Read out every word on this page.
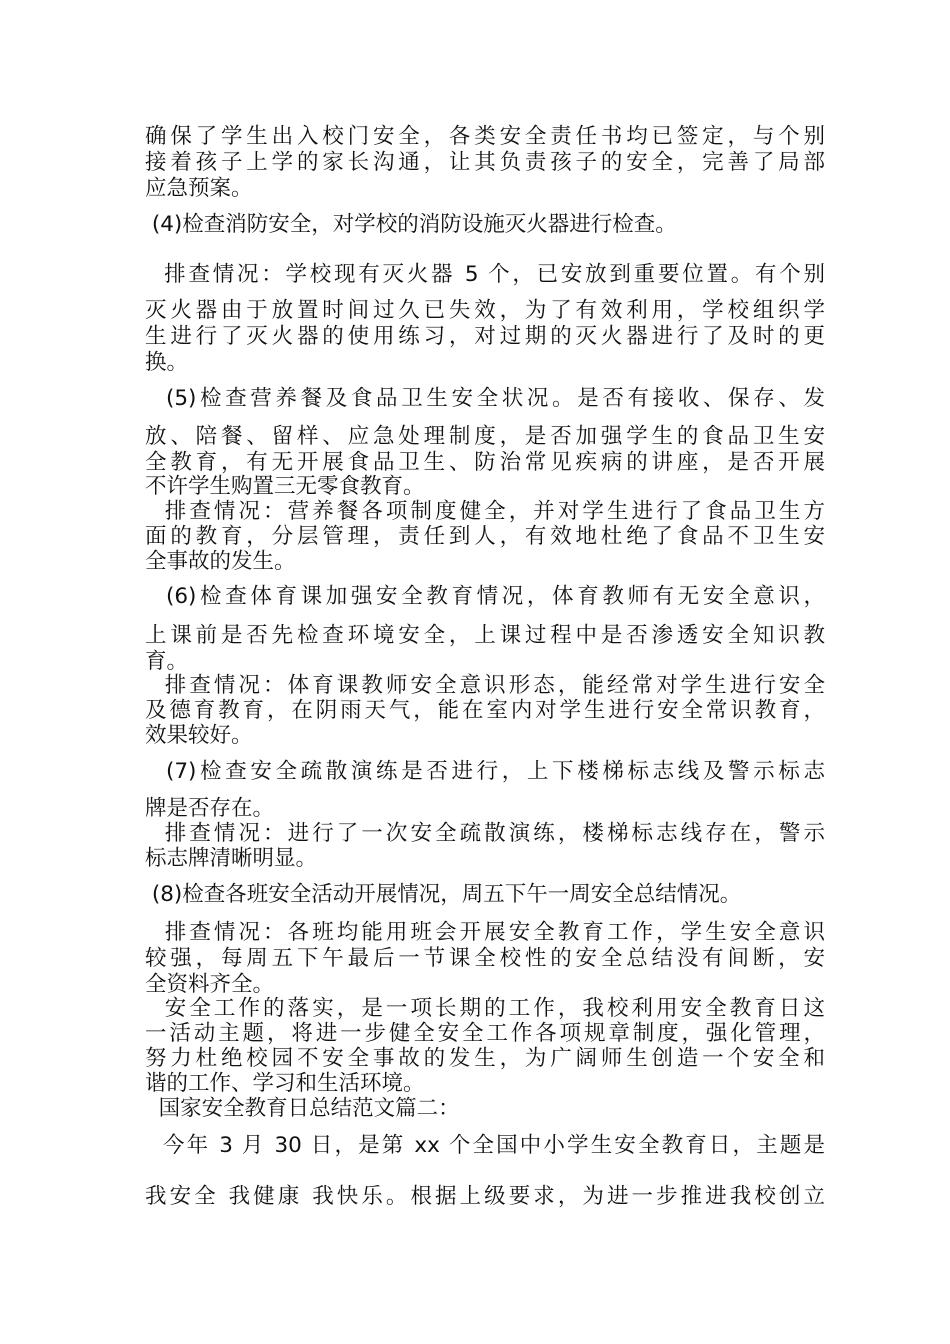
确保了学生出入校门安全，各类安全责任书均已签定，与个别

接着孩子上学的家长沟通，让其负责孩子的安全，完善了局部

应急预案。

(4)检查消防安全，对学校的消防设施灭火器进行检查。

排查情况：学校现有灭火器 5 个，已安放到重要位置。有个别

灭火器由于放置时间过久已失效，为了有效利用，学校组织学

生进行了灭火器的使用练习，对过期的灭火器进行了及时的更

换。

(5)检查营养餐及食品卫生安全状况。是否有接收、保存、发

放、陪餐、留样、应急处理制度，是否加强学生的食品卫生安

全教育，有无开展食品卫生、防治常见疾病的讲座，是否开展

不许学生购置三无零食教育。

排查情况：营养餐各项制度健全，并对学生进行了食品卫生方

面的教育，分层管理，责任到人，有效地杜绝了食品不卫生安

全事故的发生。

(6)检查体育课加强安全教育情况，体育教师有无安全意识，

上课前是否先检查环境安全，上课过程中是否渗透安全知识教

育。

排查情况：体育课教师安全意识形态，能经常对学生进行安全

及德育教育，在阴雨天气，能在室内对学生进行安全常识教育，

效果较好。

(7)检查安全疏散演练是否进行，上下楼梯标志线及警示标志

牌是否存在。

排查情况：进行了一次安全疏散演练，楼梯标志线存在，警示

标志牌清晰明显。

(8)检查各班安全活动开展情况，周五下午一周安全总结情况。

排查情况：各班均能用班会开展安全教育工作，学生安全意识

较强，每周五下午最后一节课全校性的安全总结没有间断，安

全资料齐全。

安全工作的落实，是一项长期的工作，我校利用安全教育日这

一活动主题，将进一步健全安全工作各项规章制度，强化管理，

努力杜绝校园不安全事故的发生，为广阔师生创造一个安全和

谐的工作、学习和生活环境。

国家安全教育日总结范文篇二：

今年 3 月 30 日，是第 xx 个全国中小学生安全教育日，主题是

我安全 我健康 我快乐。根据上级要求，为进一步推进我校创立
